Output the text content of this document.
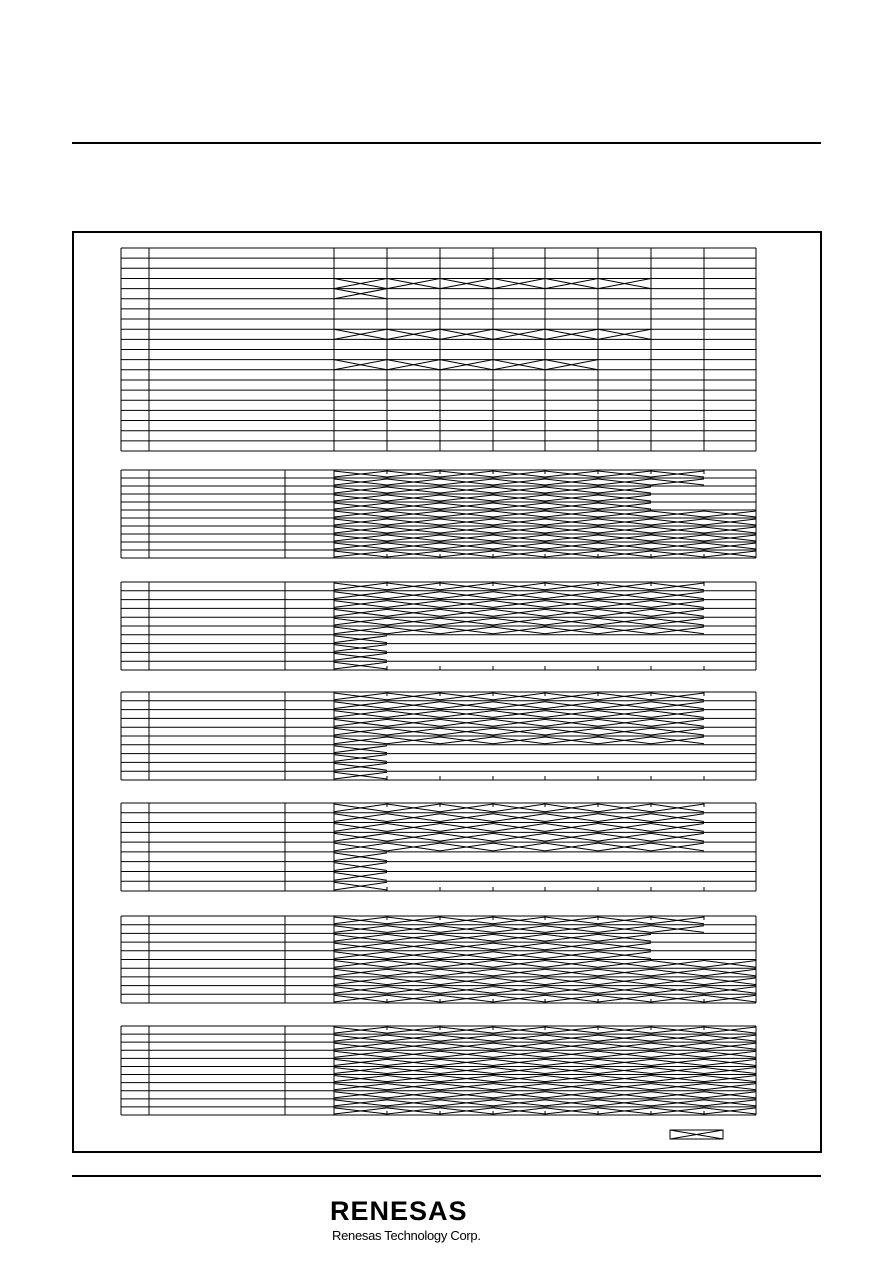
RENESAS
Renesas Technology Corp.
